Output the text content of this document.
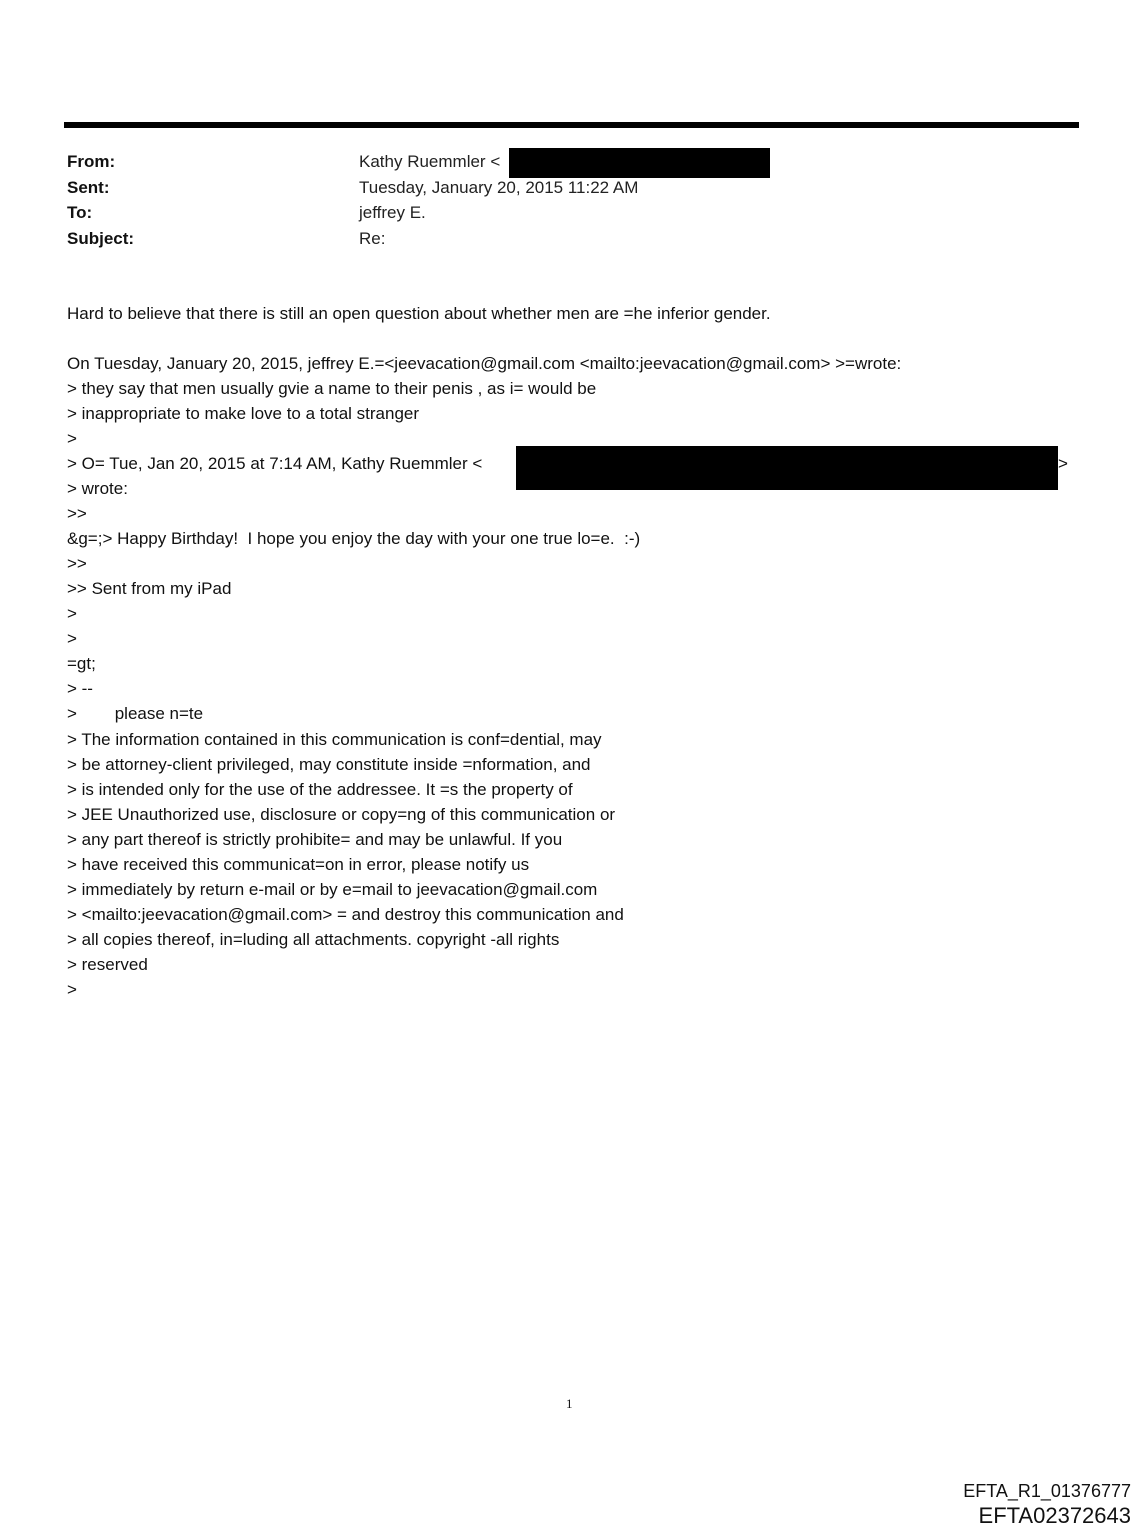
From:	Kathy Ruemmler <
Sent:	Tuesday, January 20, 2015 11:22 AM
To:	jeffrey E.
Subject:	Re:
Hard to believe that there is still an open question about whether men are =he inferior gender.
On Tuesday, January 20, 2015, jeffrey E.=<jeevacation@gmail.com <mailto:jeevacation@gmail.com> >=wrote:
> they say that men usually gvie a name to their penis , as i= would be
> inappropriate to make love to a total stranger
>
> O= Tue, Jan 20, 2015 at 7:14 AM, Kathy Ruemmler <	>
> wrote:
>>
&g=;> Happy Birthday!  I hope you enjoy the day with your one true lo=e.  :-)
>>
>> Sent from my iPad
>
>
=gt;
> --
>        please n=te
> The information contained in this communication is conf=dential, may
> be attorney-client privileged, may constitute inside =nformation, and
> is intended only for the use of the addressee. It =s the property of
> JEE Unauthorized use, disclosure or copy=ng of this communication or
> any part thereof is strictly prohibite= and may be unlawful. If you
> have received this communicat=on in error, please notify us
> immediately by return e-mail or by e=mail to jeevacation@gmail.com
> <mailto:jeevacation@gmail.com> = and destroy this communication and
> all copies thereof, in=luding all attachments. copyright -all rights
> reserved
>
1
EFTA_R1_01376777
EFTA02372643
